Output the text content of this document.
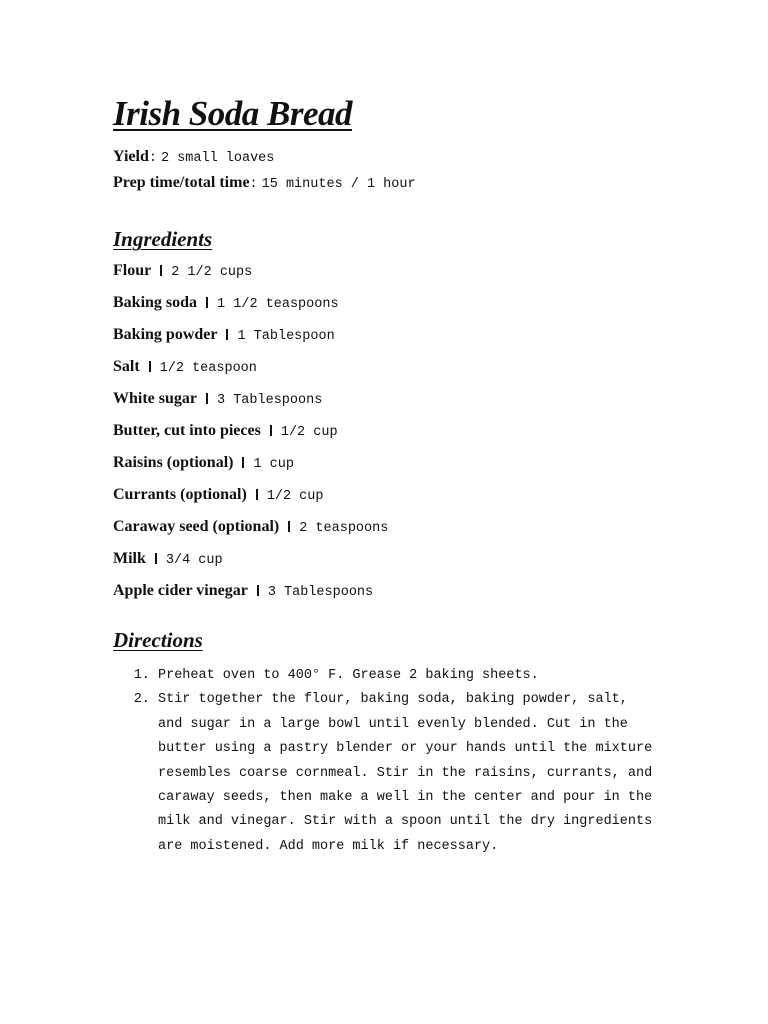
Irish Soda Bread
Yield: 2 small loaves
Prep time/total time: 15 minutes / 1 hour
Ingredients
Flour 2 1/2 cups
Baking soda 1 1/2 teaspoons
Baking powder 1 Tablespoon
Salt 1/2 teaspoon
White sugar 3 Tablespoons
Butter, cut into pieces 1/2 cup
Raisins (optional) 1 cup
Currants (optional) 1/2 cup
Caraway seed (optional) 2 teaspoons
Milk 3/4 cup
Apple cider vinegar 3 Tablespoons
Directions
1. Preheat oven to 400° F. Grease 2 baking sheets.
2. Stir together the flour, baking soda, baking powder, salt, and sugar in a large bowl until evenly blended. Cut in the butter using a pastry blender or your hands until the mixture resembles coarse cornmeal. Stir in the raisins, currants, and caraway seeds, then make a well in the center and pour in the milk and vinegar. Stir with a spoon until the dry ingredients are moistened. Add more milk if necessary.
